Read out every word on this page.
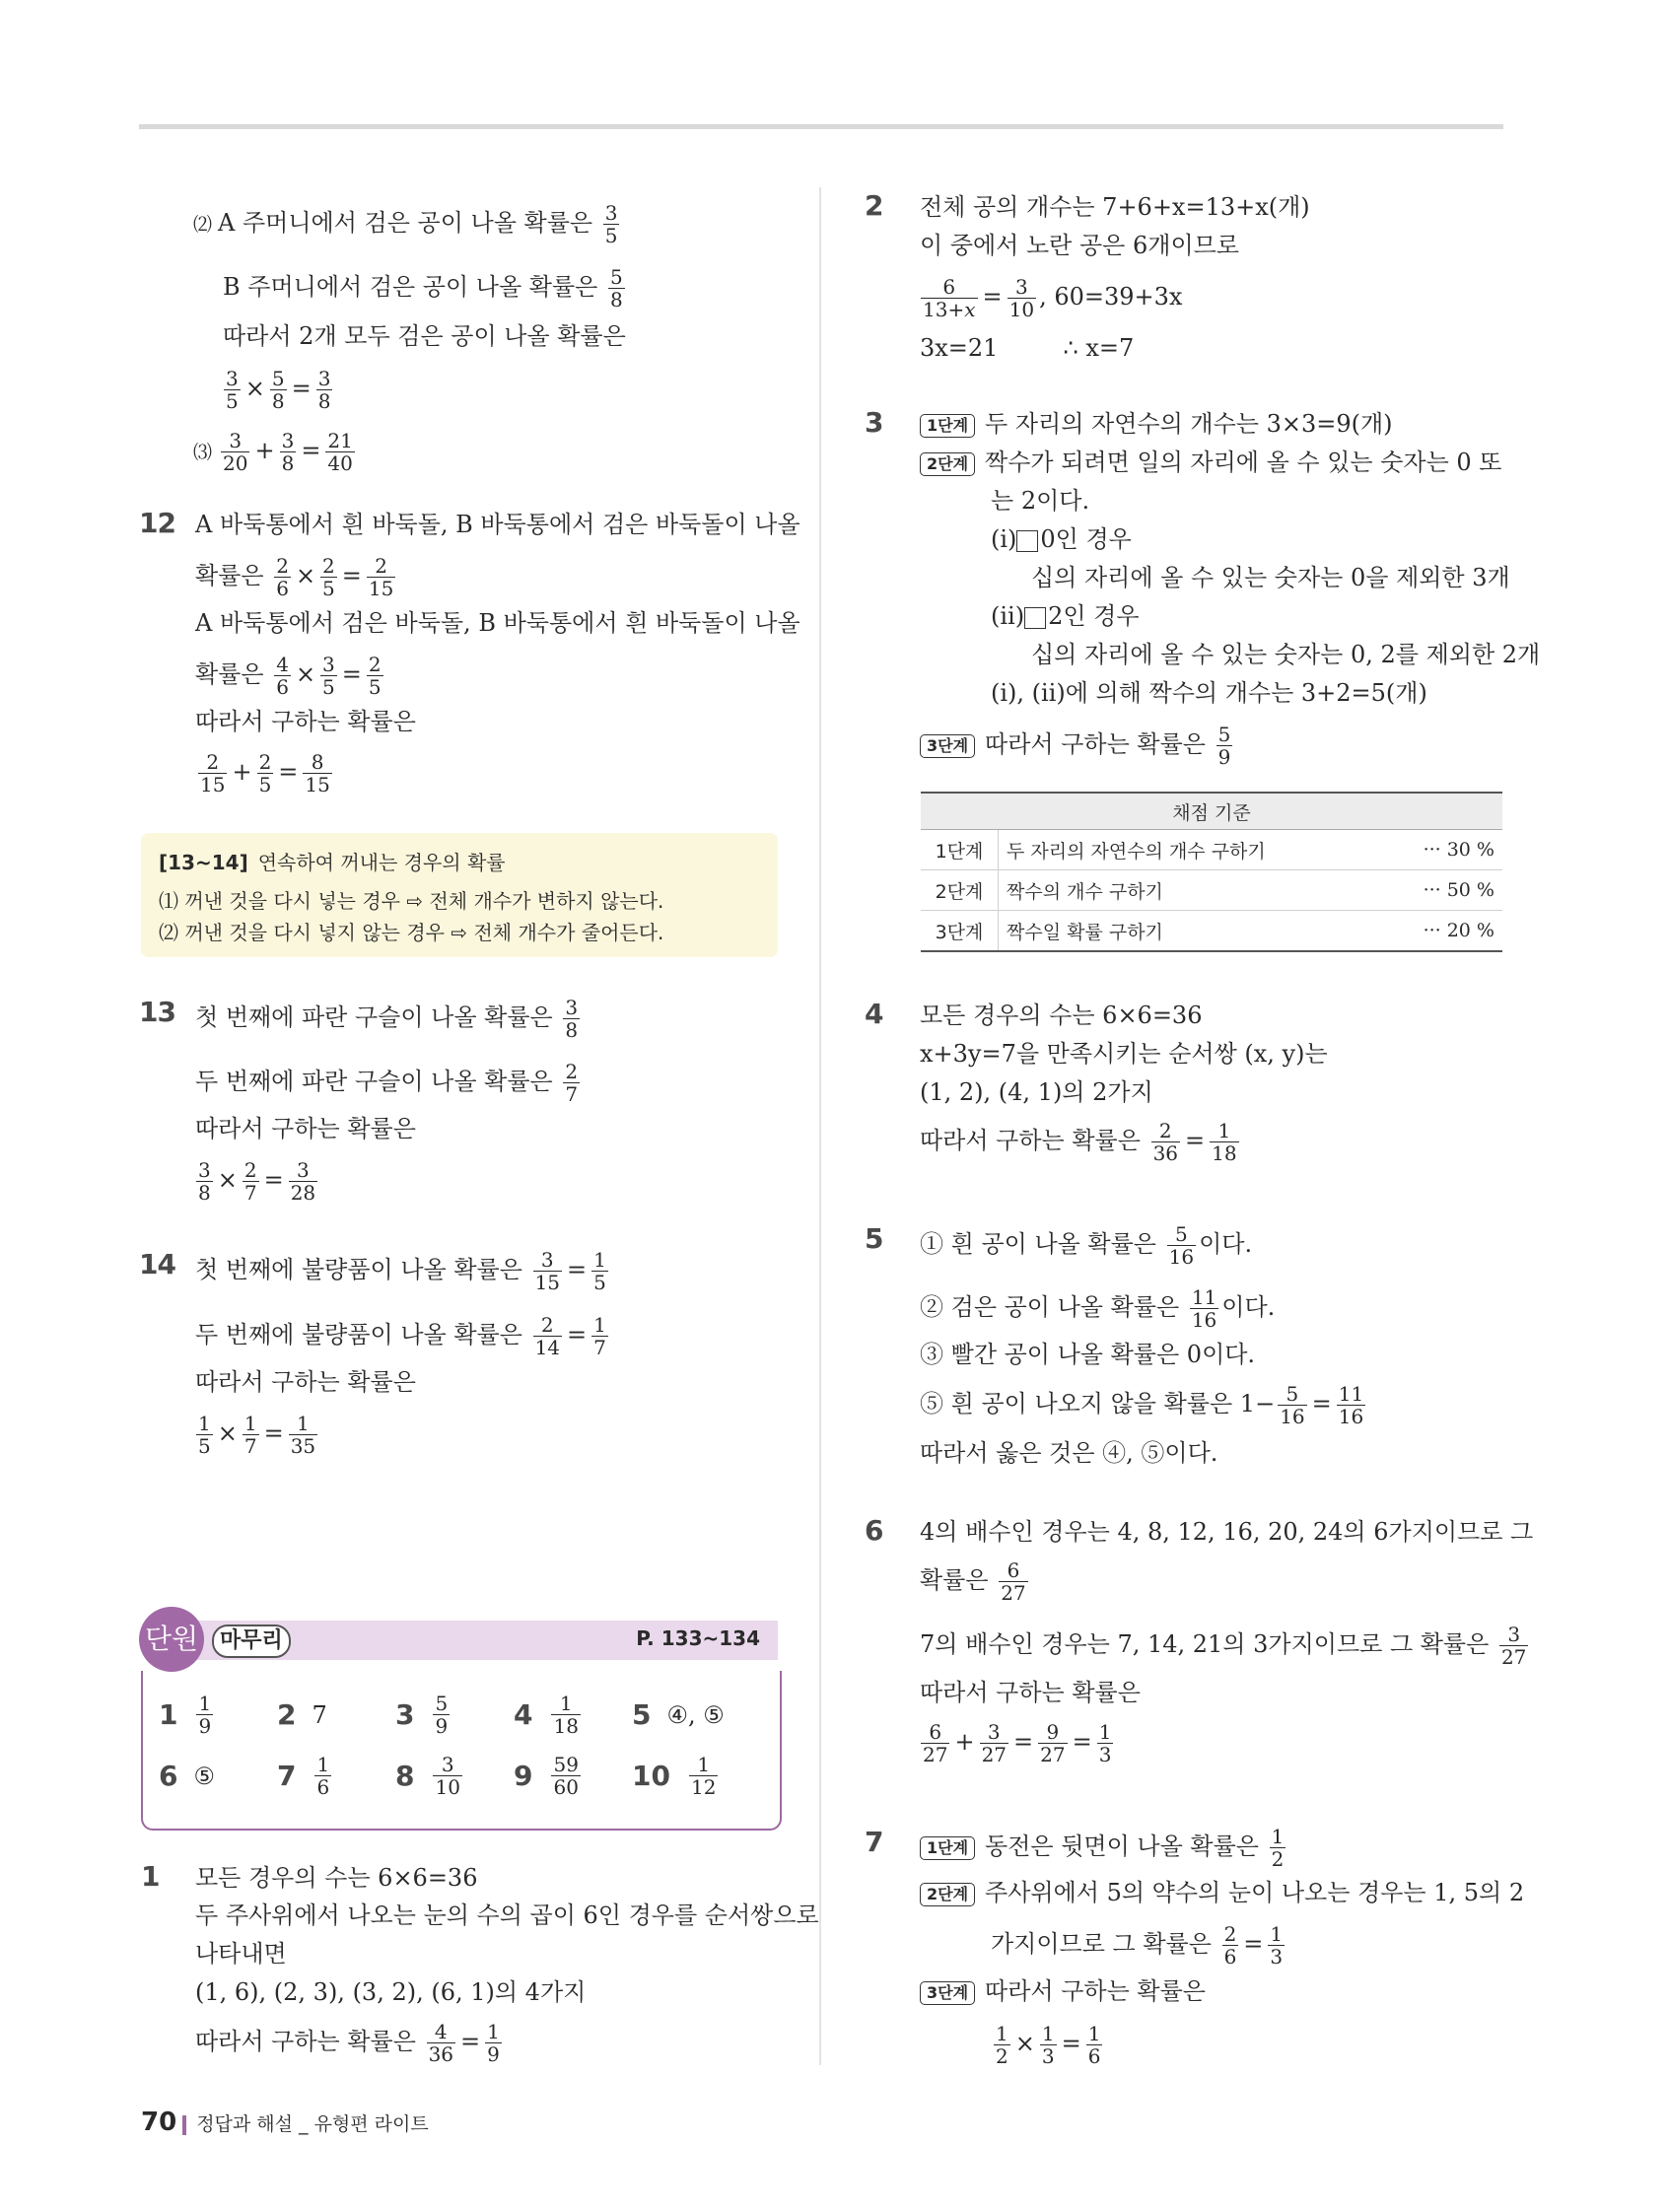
⑵ A 주머니에서 검은 공이 나올 확률은 $\frac{3}{5}$
B 주머니에서 검은 공이 나올 확률은 $\frac{5}{8}$
따라서 2개 모두 검은 공이 나올 확률은
$\frac{3}{5} \times \frac{5}{8} = \frac{3}{8}$
⑶ $\frac{3}{20} + \frac{3}{8} = \frac{21}{40}$
12 A 바둑통에서 흰 바둑돌, B 바둑통에서 검은 바둑돌이 나올
확률은 $\frac{2}{6} \times \frac{2}{5} = \frac{2}{15}$
A 바둑통에서 검은 바둑돌, B 바둑통에서 흰 바둑돌이 나올
확률은 $\frac{4}{6} \times \frac{3}{5} = \frac{2}{5}$
따라서 구하는 확률은
$\frac{2}{15} + \frac{2}{5} = \frac{8}{15}$
[13~14] 연속하여 꺼내는 경우의 확률
⑴ 꺼낸 것을 다시 넣는 경우 ⇨ 전체 개수가 변하지 않는다.
⑵ 꺼낸 것을 다시 넣지 않는 경우 ⇨ 전체 개수가 줄어든다.
13 첫 번째에 파란 구슬이 나올 확률은 $\frac{3}{8}$
두 번째에 파란 구슬이 나올 확률은 $\frac{2}{7}$
따라서 구하는 확률은
$\frac{3}{8} \times \frac{2}{7} = \frac{3}{28}$
14 첫 번째에 불량품이 나올 확률은 $\frac{3}{15} = \frac{1}{5}$
두 번째에 불량품이 나올 확률은 $\frac{2}{14} = \frac{1}{7}$
따라서 구하는 확률은
$\frac{1}{5} \times \frac{1}{7} = \frac{1}{35}$
단원 마무리	P. 133~134
$1 \frac{1}{9} 2$ 7 $3 \frac{5}{9} 4 \frac{1}{18} 5$ ④, ⑤
6 ⑤ $7 \frac{1}{6} 8 \frac{3}{10} 9 \frac{59}{60} 10 \frac{1}{12}$
1 모든 경우의 수는 6×6=36
두 주사위에서 나오는 눈의 수의 곱이 6인 경우를 순서쌍으로
나타내면
(1, 6), (2, 3), (3, 2), (6, 1)의 4가지
따라서 구하는 확률은 $\frac{4}{36} = \frac{1}{9}$
2 전체 공의 개수는 7+6+x=13+x(개)
이 중에서 노란 공은 6개이므로
$\frac{6}{13+x} = \frac{3}{10}$ , 60=39+3x
3x=21	∴ x=7
3	1단계 두 자리의 자연수의 개수는 3×3=9(개)
2단계 짝수가 되려면 일의 자리에 올 수 있는 숫자는 0 또
는 2이다.
(ⅰ) 0인 경우
십의 자리에 올 수 있는 숫자는 0을 제외한 3개
(ⅱ) 2인 경우
십의 자리에 올 수 있는 숫자는 0, 2를 제외한 2개
(ⅰ), (ⅱ)에 의해 짝수의 개수는 3+2=5(개)
3단계 따라서 구하는 확률은 $\frac{5}{9}$
채점 기준		
1단계	두 자리의 자연수의 개수 구하기	··· 30 %
2단계	짝수의 개수 구하기	··· 50 %
3단계	짝수일 확률 구하기	··· 20 %
4 모든 경우의 수는 6×6=36
x+3y=7을 만족시키는 순서쌍 (x, y)는
(1, 2), (4, 1)의 2가지
따라서 구하는 확률은 $\frac{2}{36} = \frac{1}{18}$
5 ① 흰 공이 나올 확률은 $\frac{5}{16}$ 이다.
② 검은 공이 나올 확률은 $\frac{11}{16}$ 이다.
③ 빨간 공이 나올 확률은 0이다.
⑤ 흰 공이 나오지 않을 확률은 $1- \frac{5}{16} = \frac{11}{16}$
따라서 옳은 것은 ④, ⑤이다.
6 4의 배수인 경우는 4, 8, 12, 16, 20, 24의 6가지이므로 그
확률은 $\frac{6}{27}$
7의 배수인 경우는 7, 14, 21의 3가지이므로 그 확률은 $\frac{3}{27}$
따라서 구하는 확률은
$\frac{6}{27} + \frac{3}{27} = \frac{9}{27} = \frac{1}{3}$
7	1단계 동전은 뒷면이 나올 확률은 $\frac{1}{2}$
2단계 주사위에서 5의 약수의 눈이 나오는 경우는 1, 5의 2
가지이므로 그 확률은 $\frac{2}{6} = \frac{1}{3}$
3단계 따라서 구하는 확률은
$\frac{1}{2} \times \frac{1}{3} = \frac{1}{6}$
70 정답과 해설 _ 유형편 라이트
